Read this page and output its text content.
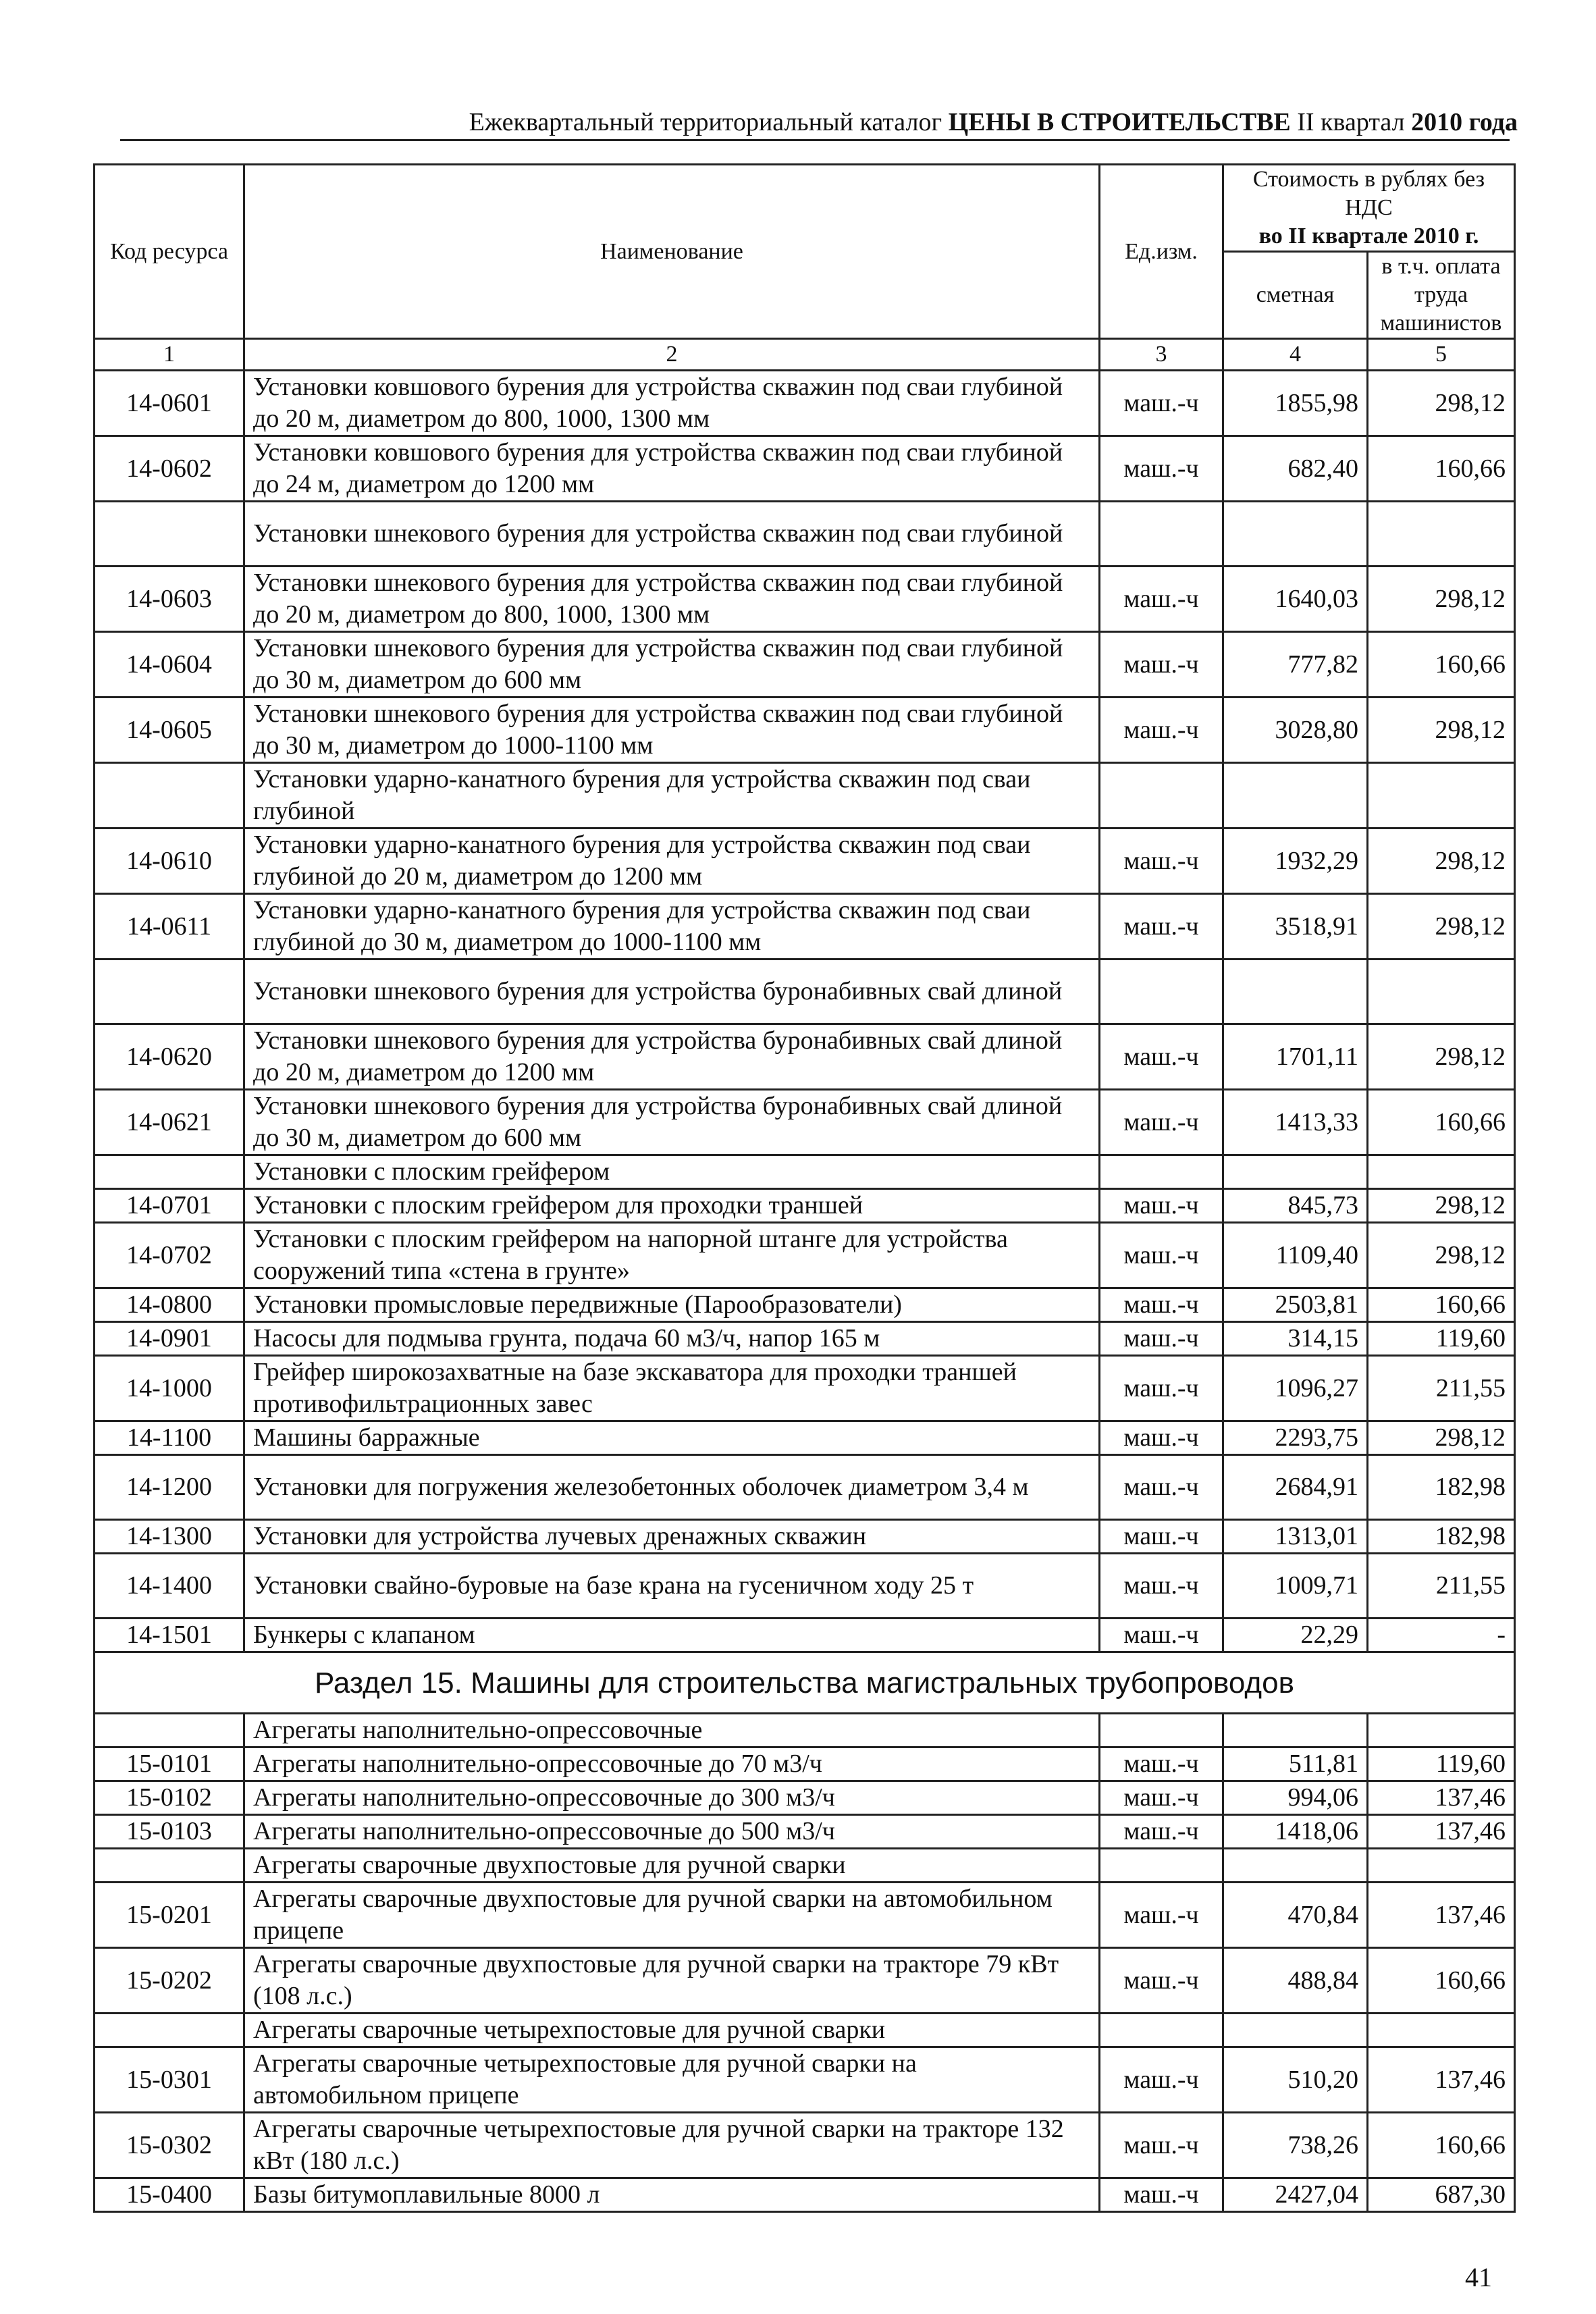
Ежеквартальный территориальный каталог ЦЕНЫ В СТРОИТЕЛЬСТВЕ II квартал 2010 года
Код ресурса	Наименование	Ед.изм.	Стоимость в рублях без НДС
во II квартале 2010 г.	

			сметная	в т.ч. оплата труда машинистов

1	2	3	4	5
14-0601	Установки ковшового бурения для устройства скважин под сваи глубиной до 20 м, диаметром до 800, 1000, 1300 мм	маш.-ч	1855,98	298,12
14-0602	Установки ковшового бурения для устройства скважин под сваи глубиной до 24 м, диаметром до 1200 мм	маш.-ч	682,40	160,66
	Установки шнекового бурения для устройства скважин под сваи глубиной			
14-0603	Установки шнекового бурения для устройства скважин под сваи глубиной до 20 м, диаметром до 800, 1000, 1300 мм	маш.-ч	1640,03	298,12
14-0604	Установки шнекового бурения для устройства скважин под сваи глубиной до 30 м, диаметром до 600 мм	маш.-ч	777,82	160,66
14-0605	Установки шнекового бурения для устройства скважин под сваи глубиной до 30 м, диаметром до 1000-1100 мм	маш.-ч	3028,80	298,12
	Установки ударно-канатного бурения для устройства скважин под сваи глубиной			
14-0610	Установки ударно-канатного бурения для устройства скважин под сваи глубиной до 20 м, диаметром до 1200 мм	маш.-ч	1932,29	298,12
14-0611	Установки ударно-канатного бурения для устройства скважин под сваи глубиной до 30 м, диаметром до 1000-1100 мм	маш.-ч	3518,91	298,12
	Установки шнекового бурения для устройства буронабивных свай длиной			
14-0620	Установки шнекового бурения для устройства буронабивных свай длиной до 20 м, диаметром до 1200 мм	маш.-ч	1701,11	298,12
14-0621	Установки шнекового бурения для устройства буронабивных свай длиной до 30 м, диаметром до 600 мм	маш.-ч	1413,33	160,66
	Установки с плоским грейфером			
14-0701	Установки с плоским грейфером для проходки траншей	маш.-ч	845,73	298,12
14-0702	Установки с плоским грейфером на напорной штанге для устройства сооружений типа «стена в грунте»	маш.-ч	1109,40	298,12
14-0800	Установки промысловые передвижные (Парообразователи)	маш.-ч	2503,81	160,66
14-0901	Насосы для подмыва грунта, подача 60 м3/ч, напор 165 м	маш.-ч	314,15	119,60
14-1000	Грейфер широкозахватные на базе экскаватора для проходки траншей противофильтрационных завес	маш.-ч	1096,27	211,55
14-1100	Машины барражные	маш.-ч	2293,75	298,12
14-1200	Установки для погружения железобетонных оболочек диаметром 3,4 м	маш.-ч	2684,91	182,98
14-1300	Установки для устройства лучевых дренажных скважин	маш.-ч	1313,01	182,98
14-1400	Установки свайно-буровые на базе крана на гусеничном ходу 25 т	маш.-ч	1009,71	211,55
14-1501	Бункеры с клапаном	маш.-ч	22,29	-
Раздел 15. Машины для строительства магистральных трубопроводов				
	Агрегаты наполнительно-опрессовочные			
15-0101	Агрегаты наполнительно-опрессовочные до 70 м3/ч	маш.-ч	511,81	119,60
15-0102	Агрегаты наполнительно-опрессовочные до 300 м3/ч	маш.-ч	994,06	137,46
15-0103	Агрегаты наполнительно-опрессовочные до 500 м3/ч	маш.-ч	1418,06	137,46
	Агрегаты сварочные двухпостовые для ручной сварки			
15-0201	Агрегаты сварочные двухпостовые для ручной сварки на автомобильном прицепе	маш.-ч	470,84	137,46
15-0202	Агрегаты сварочные двухпостовые для ручной сварки на тракторе 79 кВт (108 л.с.)	маш.-ч	488,84	160,66
	Агрегаты сварочные четырехпостовые для ручной сварки			
15-0301	Агрегаты сварочные четырехпостовые для ручной сварки на автомобильном прицепе	маш.-ч	510,20	137,46
15-0302	Агрегаты сварочные четырехпостовые для ручной сварки на тракторе 132 кВт (180 л.с.)	маш.-ч	738,26	160,66
15-0400	Базы битумоплавильные 8000 л	маш.-ч	2427,04	687,30
41
